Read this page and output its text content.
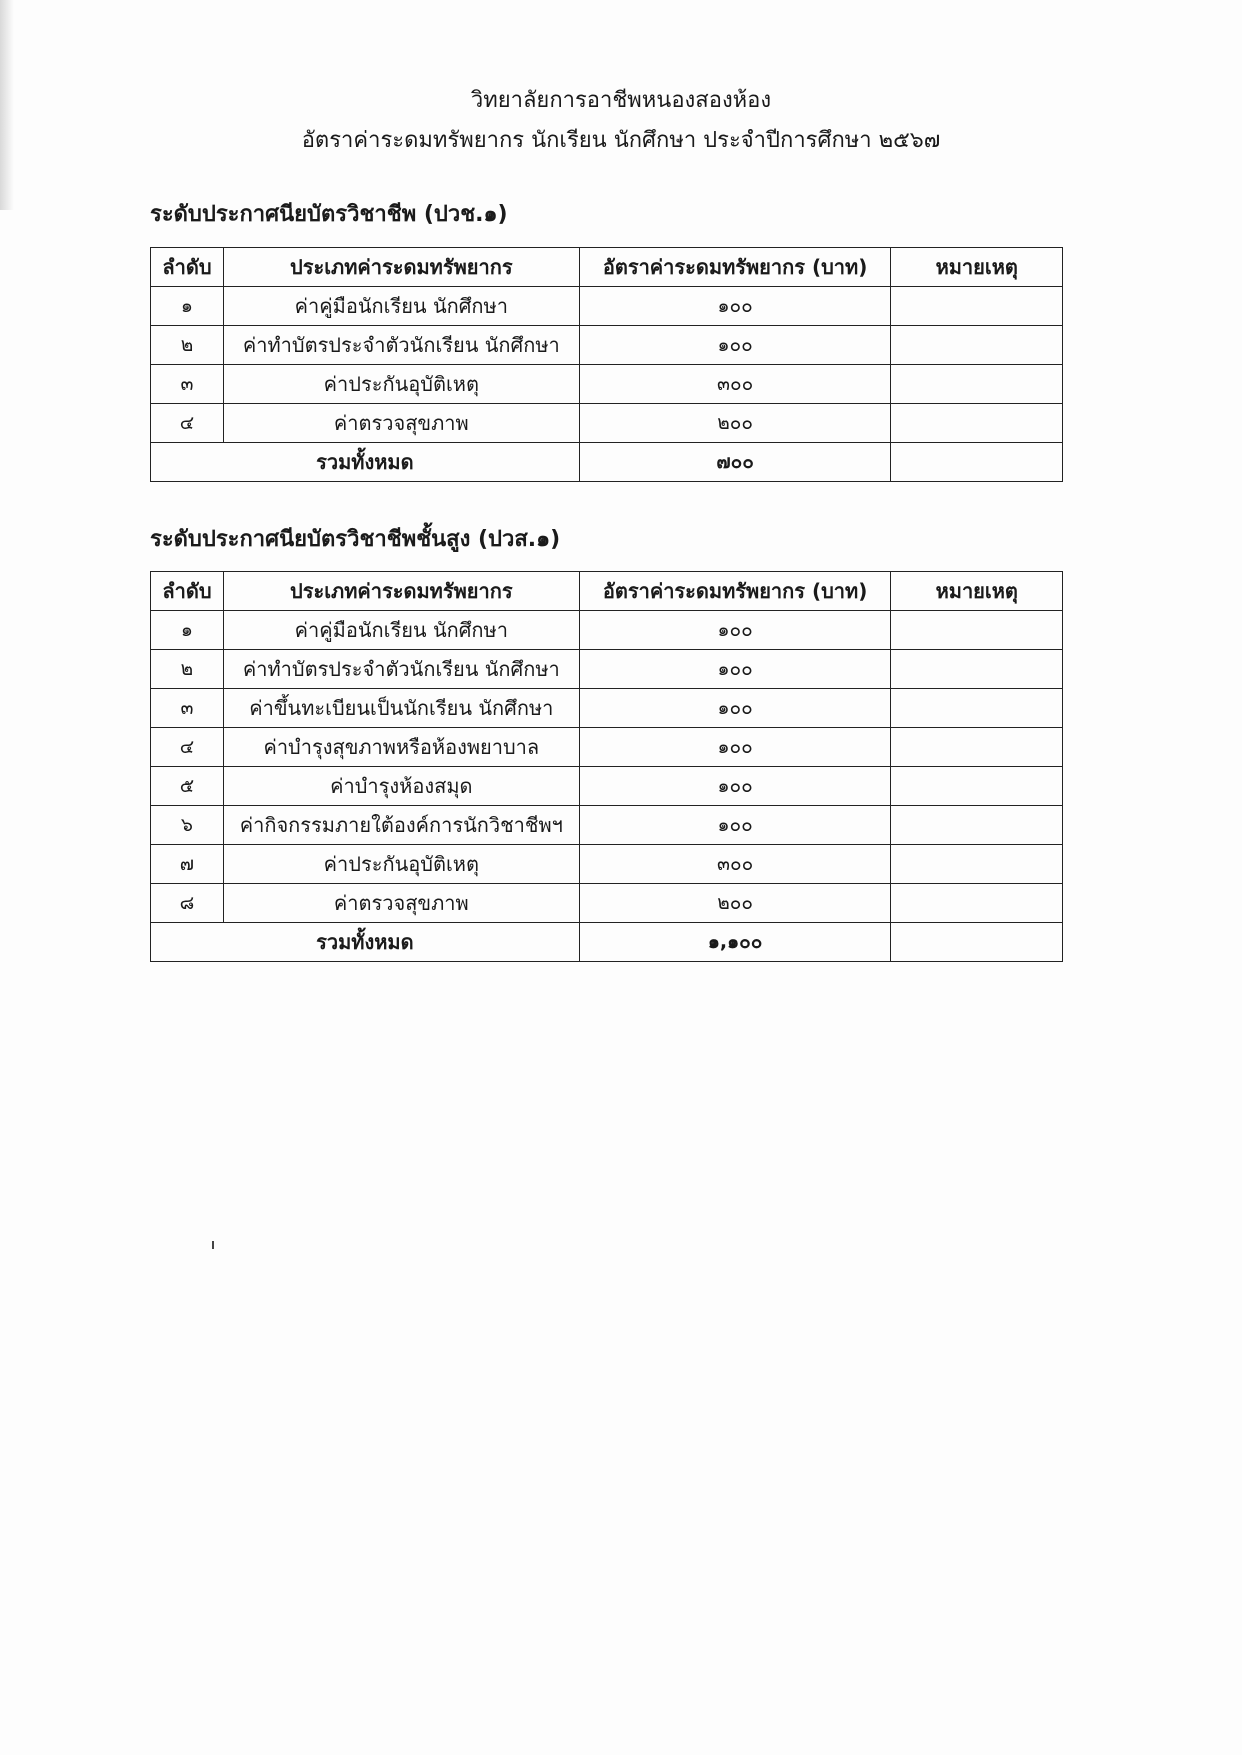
วิทยาลัยการอาชีพหนองสองห้อง
อัตราค่าระดมทรัพยากร นักเรียน นักศึกษา ประจำปีการศึกษา ๒๕๖๗
ระดับประกาศนียบัตรวิชาชีพ (ปวช.๑)
ลำดับ	ประเภทค่าระดมทรัพยากร	อัตราค่าระดมทรัพยากร (บาท)	หมายเหตุ
๑	ค่าคู่มือนักเรียน นักศึกษา	๑๐๐	
๒	ค่าทำบัตรประจำตัวนักเรียน นักศึกษา	๑๐๐	
๓	ค่าประกันอุบัติเหตุ	๓๐๐	
๔	ค่าตรวจสุขภาพ	๒๐๐	
รวมทั้งหมด		๗๐๐	
ระดับประกาศนียบัตรวิชาชีพชั้นสูง (ปวส.๑)
ลำดับ	ประเภทค่าระดมทรัพยากร	อัตราค่าระดมทรัพยากร (บาท)	หมายเหตุ
๑	ค่าคู่มือนักเรียน นักศึกษา	๑๐๐	
๒	ค่าทำบัตรประจำตัวนักเรียน นักศึกษา	๑๐๐	
๓	ค่าขึ้นทะเบียนเป็นนักเรียน นักศึกษา	๑๐๐	
๔	ค่าบำรุงสุขภาพหรือห้องพยาบาล	๑๐๐	
๕	ค่าบำรุงห้องสมุด	๑๐๐	
๖	ค่ากิจกรรมภายใต้องค์การนักวิชาชีพฯ	๑๐๐	
๗	ค่าประกันอุบัติเหตุ	๓๐๐	
๘	ค่าตรวจสุขภาพ	๒๐๐	
รวมทั้งหมด		๑,๑๐๐	
